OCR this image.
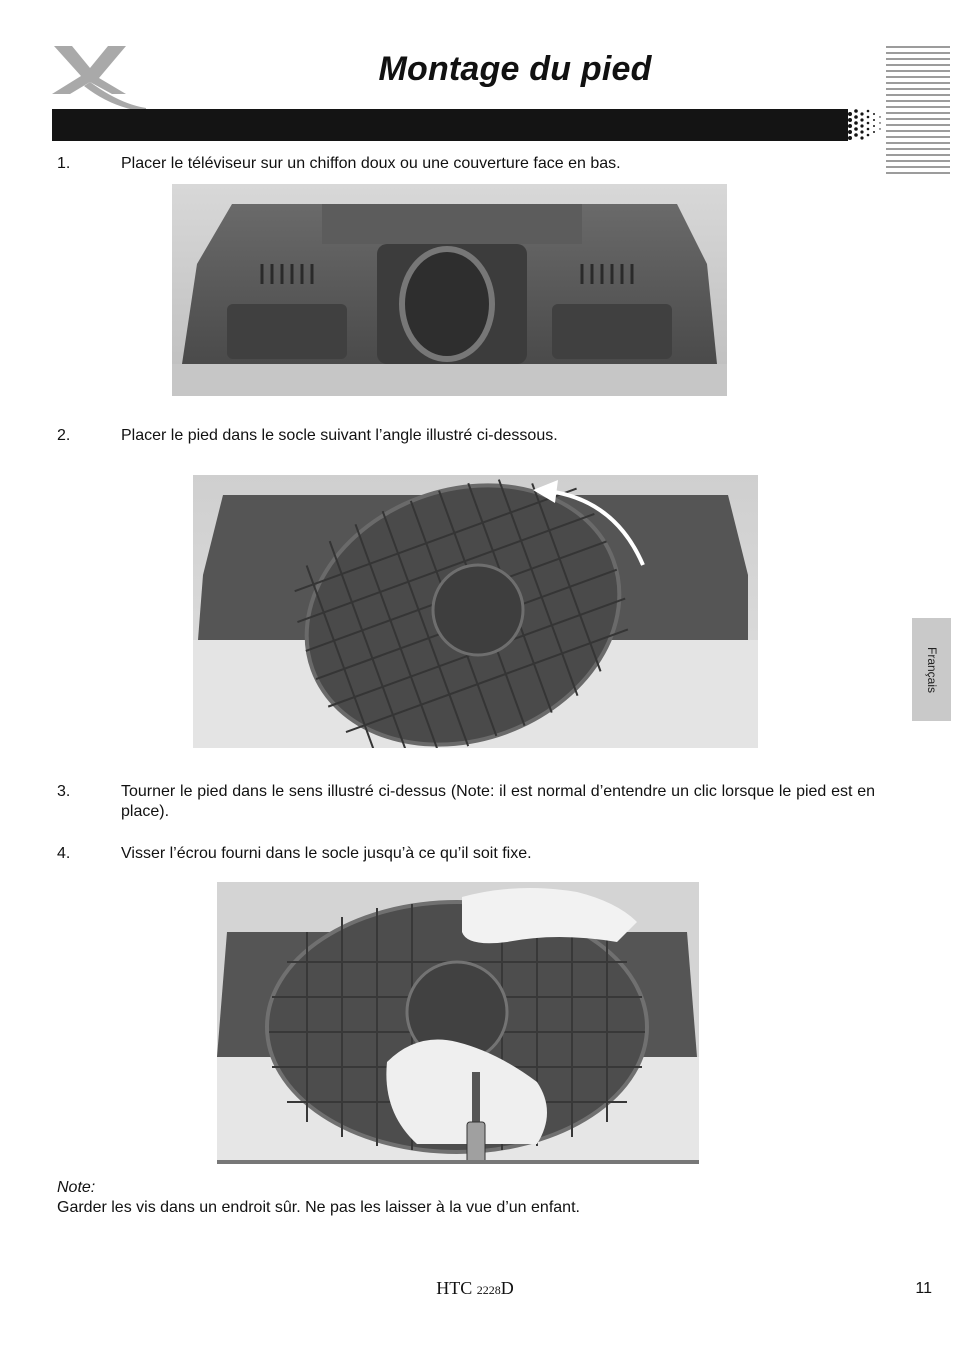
Montage du pied
1.	Placer le téléviseur sur un chiffon doux ou une couverture face en bas.
2.	Placer le pied dans le socle suivant l’angle illustré ci-dessous.
3.	Tourner le pied dans le sens illustré ci-dessus (Note: il est normal d’entendre un clic lorsque le pied est en place).
4.	Visser l’écrou fourni dans le socle jusqu’à ce qu’il soit fixe.
Français
Note:
Garder les vis dans un endroit sûr. Ne pas les laisser à la vue d’un enfant.
HTC 2228D	11
